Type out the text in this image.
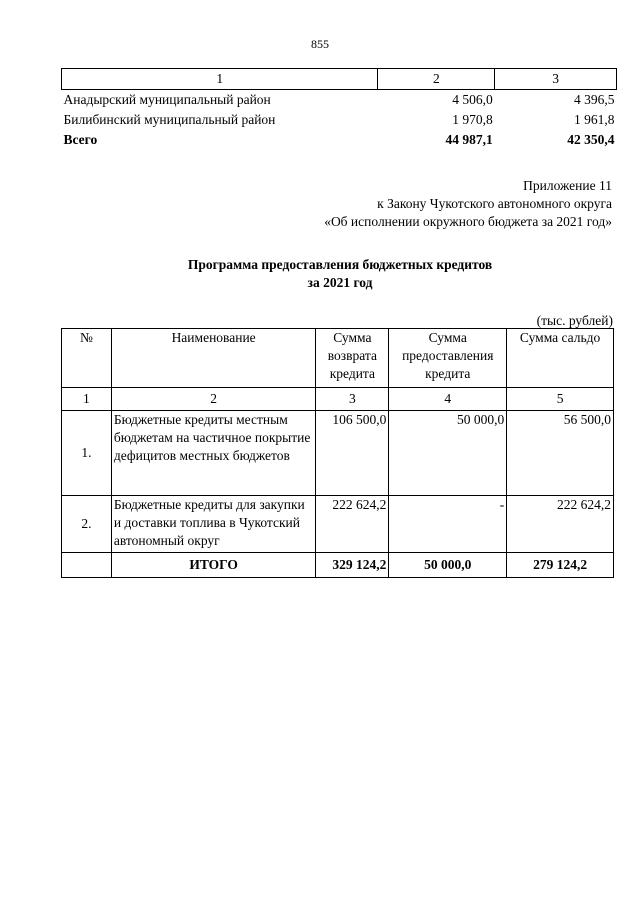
855
1	2	3
Анадырский муниципальный район	4 506,0	4 396,5
Билибинский муниципальный район	1 970,8	1 961,8
Всего	44 987,1	42 350,4
Приложение 11
к Закону Чукотского автономного округа
«Об исполнении окружного бюджета за 2021 год»
Программа предоставления бюджетных кредитов
за 2021 год
(тыс. рублей)
№	Наименование	Сумма возврата кредита	Сумма предоставления кредита	Сумма сальдо
1	2	3	4	5
1.	Бюджетные кредиты местным бюджетам на частичное покрытие дефицитов местных бюджетов	106 500,0	50 000,0	56 500,0
2.	Бюджетные кредиты для закупки и доставки топлива в Чукотский автономный округ	222 624,2	-	222 624,2
	ИТОГО	329 124,2	50 000,0	279 124,2
